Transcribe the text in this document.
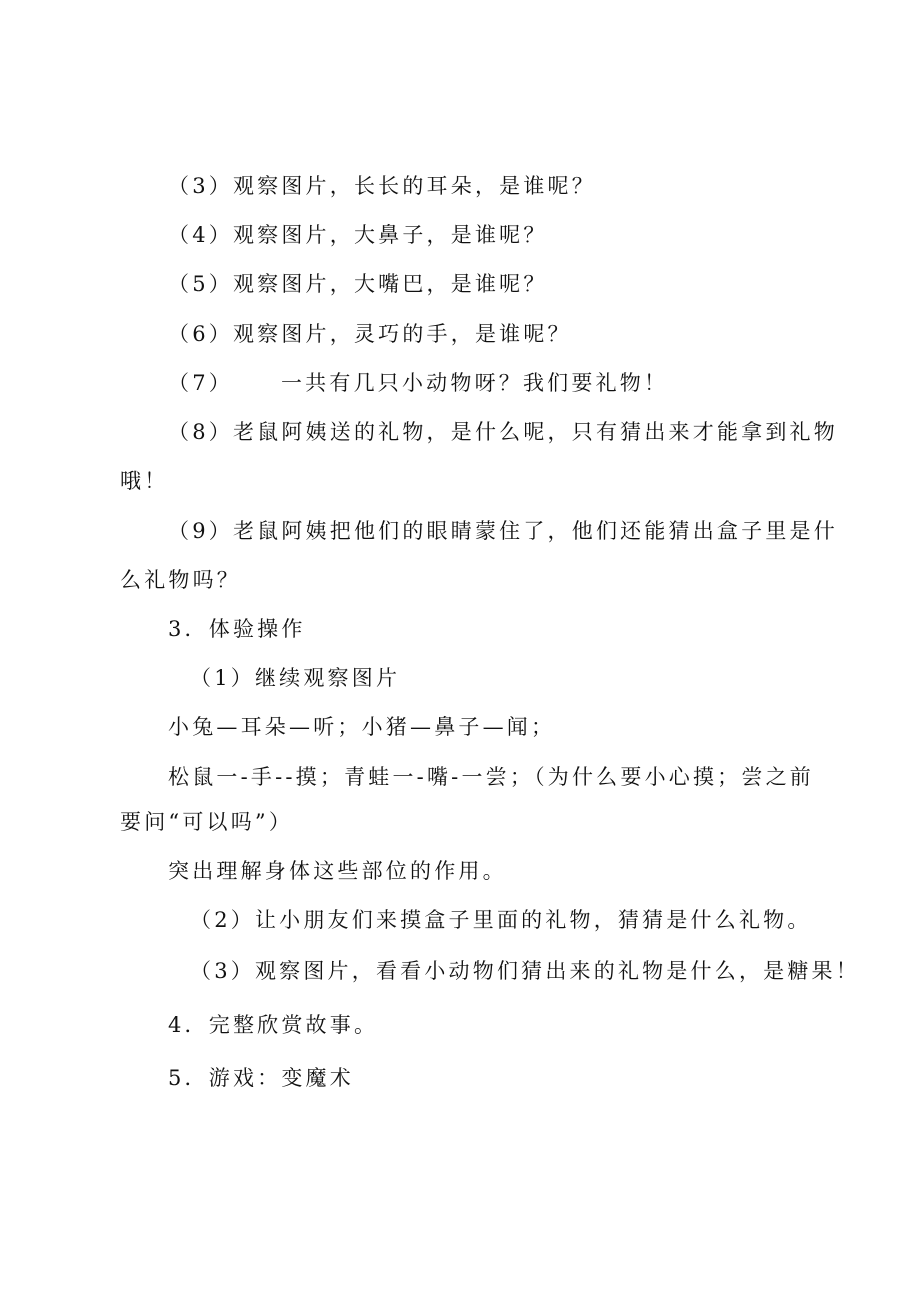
（3）观察图片，长长的耳朵，是谁呢？

（4）观察图片，大鼻子，是谁呢？

（5）观察图片，大嘴巴，是谁呢？

（6）观察图片，灵巧的手，是谁呢？

（7） 一共有几只小动物呀？我们要礼物！

（8）老鼠阿姨送的礼物，是什么呢，只有猜出来才能拿到礼物

哦！

（9）老鼠阿姨把他们的眼睛蒙住了，他们还能猜出盒子里是什

么礼物吗？

3．体验操作

（1）继续观察图片

小兔—耳朵—听；小猪—鼻子—闻；

松鼠一-手--摸；青蛙一-嘴-一尝；（为什么要小心摸；尝之前

要问“可以吗”）

突出理解身体这些部位的作用。

（2）让小朋友们来摸盒子里面的礼物，猜猜是什么礼物。

（3）观察图片，看看小动物们猜出来的礼物是什么，是糖果！

4．完整欣赏故事。

5．游戏：变魔术
